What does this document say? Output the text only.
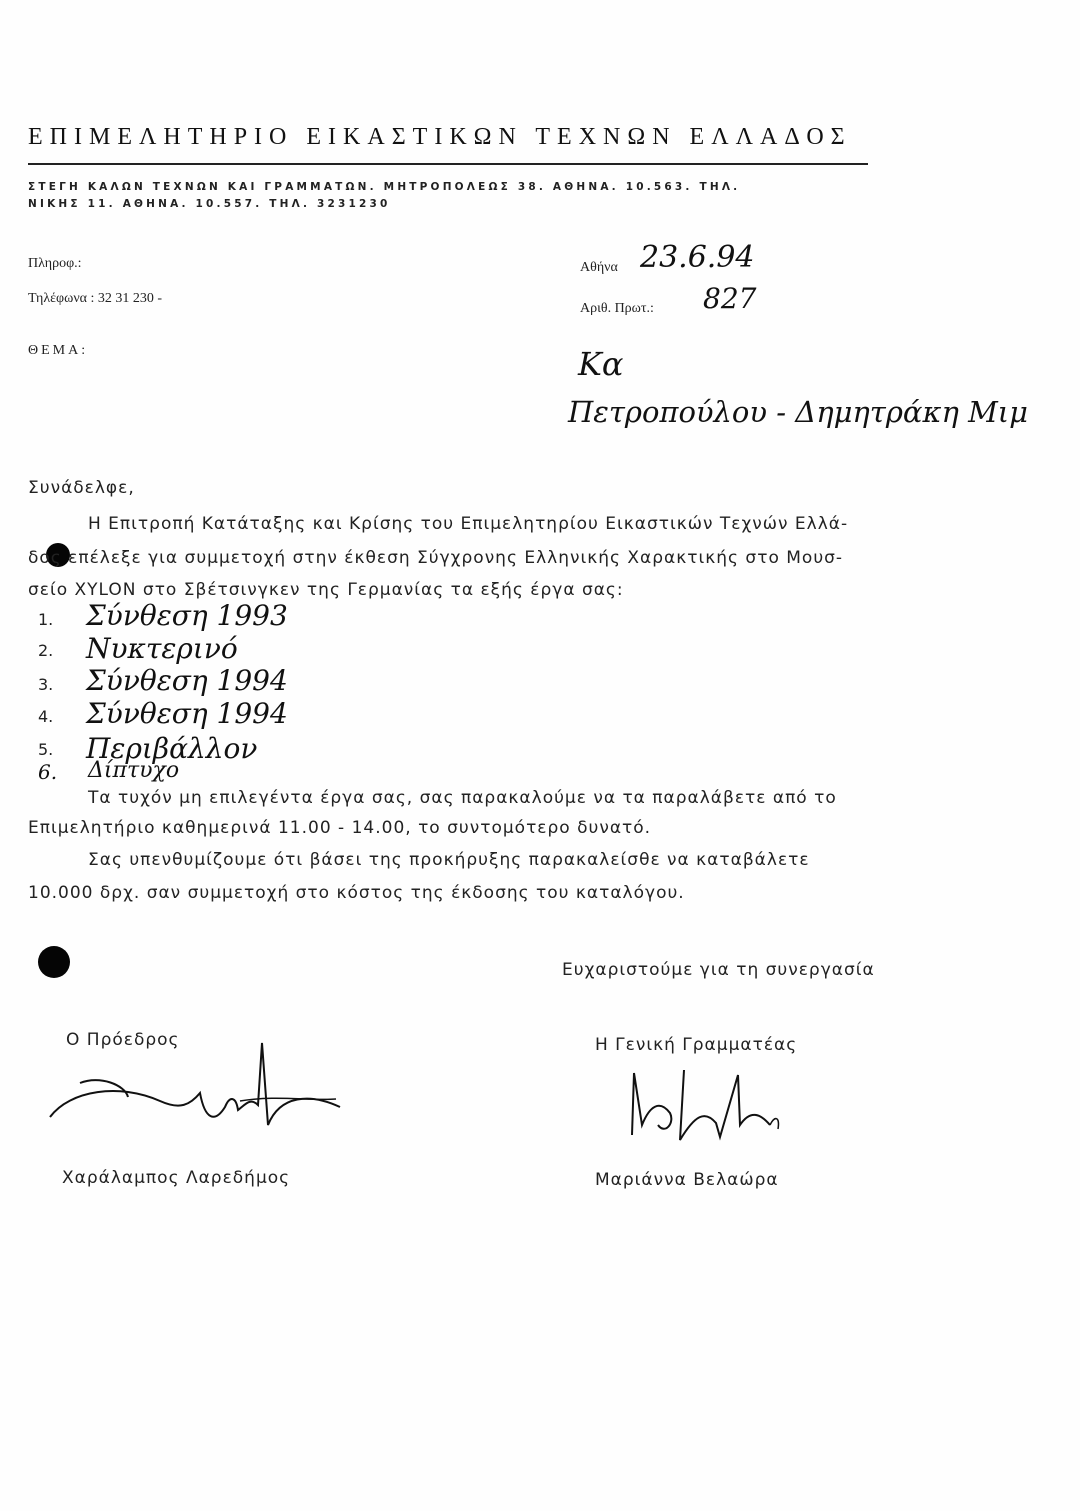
ΕΠΙΜΕΛΗΤΗΡΙΟ ΕΙΚΑΣΤΙΚΩΝ ΤΕΧΝΩΝ ΕΛΛΑΔΟΣ
ΣΤΕΓΗ ΚΑΛΩΝ ΤΕΧΝΩΝ ΚΑΙ ΓΡΑΜΜΑΤΩΝ. ΜΗΤΡΟΠΟΛΕΩΣ 38. ΑΘΗΝΑ. 10.563. ΤΗΛ.
ΝΙΚΗΣ 11. ΑΘΗΝΑ. 10.557. ΤΗΛ. 3231230
Πληροφ.:
Τηλέφωνα : 32 31 230 -
ΘΕΜΑ:
Αθήνα 23.6.94
Αριθ. Πρωτ.: 827
Κα
Πετροπούλου - Δημητράκη Μιμ
Συνάδελφε,
Η Επιτροπή Κατάταξης και Κρίσης του Επιμελητηρίου Εικαστικών Τεχνών Ελλά-
δος επέλεξε για συμμετοχή στην έκθεση Σύγχρονης Ελληνικής Χαρακτικής στο Μουσ-
σείο XYLON στο Σβέτσινγκεν της Γερμανίας τα εξής έργα σας:
1. Σύνθεση 1993
2. Νυκτερινό
3. Σύνθεση 1994
4. Σύνθεση 1994
5. Περιβάλλον
6. Δίπτυχο
Τα τυχόν μη επιλεγέντα έργα σας, σας παρακαλούμε να τα παραλάβετε από το
Επιμελητήριο καθημερινά 11.00 - 14.00, το συντομότερο δυνατό.
Σας υπενθυμίζουμε ότι βάσει της προκήρυξης παρακαλείσθε να καταβάλετε
10.000 δρχ. σαν συμμετοχή στο κόστος της έκδοσης του καταλόγου.
Ευχαριστούμε για τη συνεργασία
Ο Πρόεδρος	Η Γενική Γραμματέας
Χαράλαμπος Λαρεδήμος	Μαριάννα Βελαώρα
